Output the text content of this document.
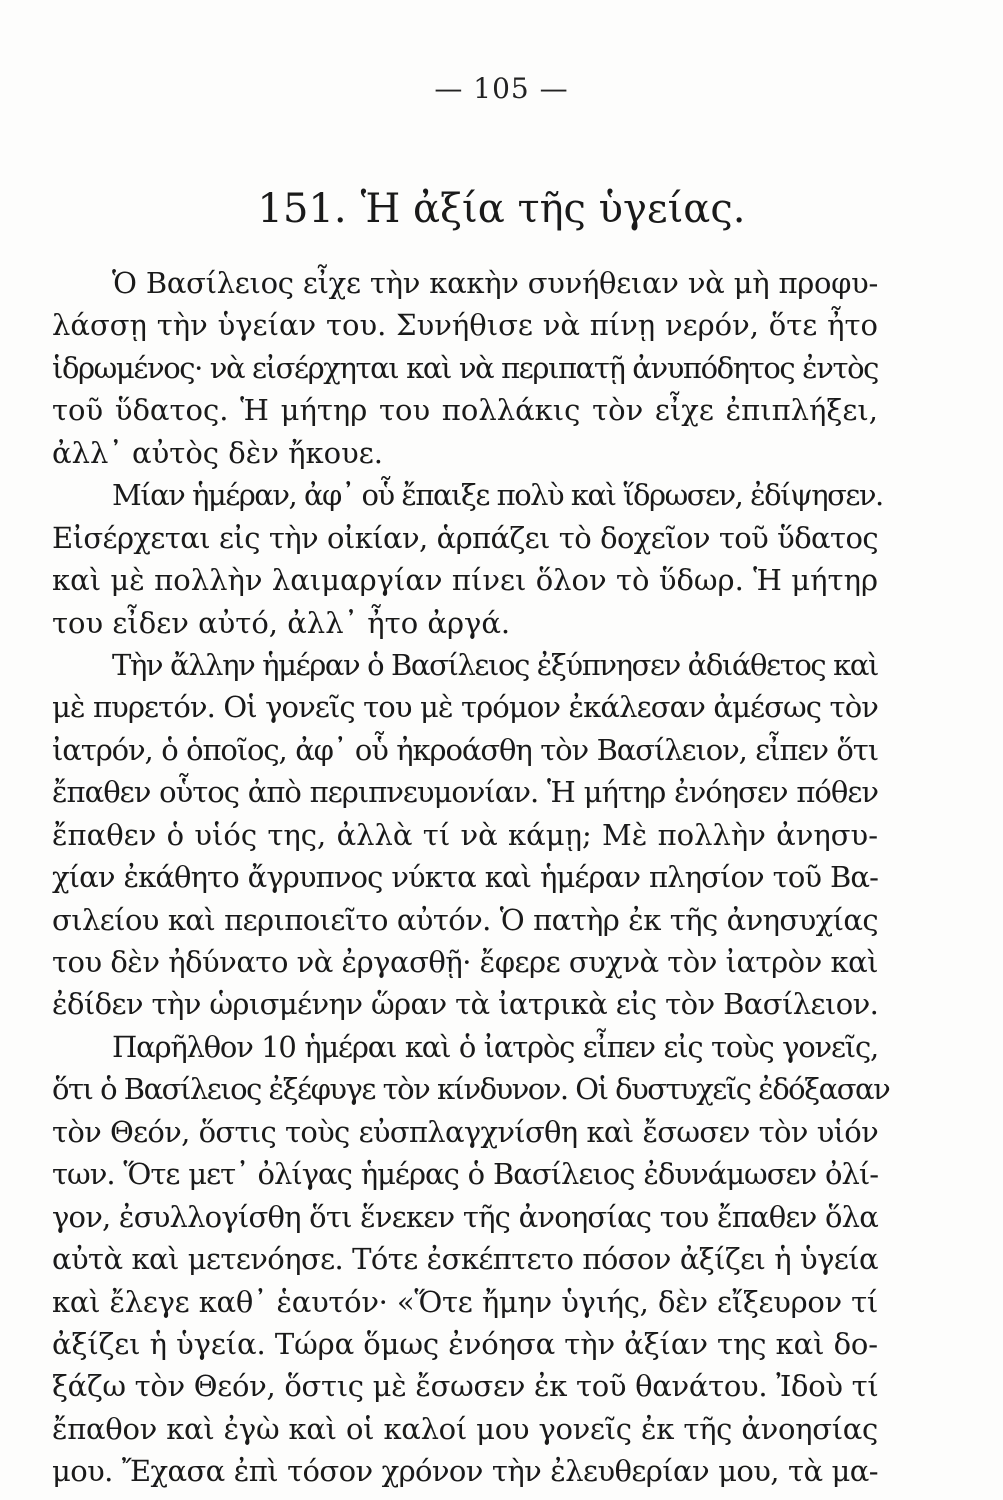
— 105 —
151. Ἡ ἀξία τῆς ὑγείας.
Ὁ Βασίλειος εἶχε τὴν κακὴν συνήθειαν νὰ μὴ προφυ-
λάσσῃ τὴν ὑγείαν του. Συνήθισε νὰ πίνῃ νερόν, ὅτε ἦτο
ἱδρωμένος· νὰ εἰσέρχηται καὶ νὰ περιπατῇ ἀνυπόδητος ἐντὸς
τοῦ ὕδατος. Ἡ μήτηρ του πολλάκις τὸν εἶχε ἐπιπλήξει,
ἀλλ᾽ αὐτὸς δὲν ἤκουε.
Μίαν ἡμέραν, ἀφ᾽ οὗ ἔπαιξε πολὺ καὶ ἵδρωσεν, ἐδίψησεν.
Εἰσέρχεται εἰς τὴν οἰκίαν, ἁρπάζει τὸ δοχεῖον τοῦ ὕδατος
καὶ μὲ πολλὴν λαιμαργίαν πίνει ὅλον τὸ ὕδωρ. Ἡ μήτηρ
του εἶδεν αὐτό, ἀλλ᾽ ἦτο ἀργά.
Τὴν ἄλλην ἡμέραν ὁ Βασίλειος ἐξύπνησεν ἀδιάθετος καὶ
μὲ πυρετόν. Οἱ γονεῖς του μὲ τρόμον ἐκάλεσαν ἀμέσως τὸν
ἰατρόν, ὁ ὁποῖος, ἀφ᾽ οὗ ἠκροάσθη τὸν Βασίλειον, εἶπεν ὅτι
ἔπαθεν οὗτος ἀπὸ περιπνευμονίαν. Ἡ μήτηρ ἐνόησεν πόθεν
ἔπαθεν ὁ υἱός της, ἀλλὰ τί νὰ κάμῃ; Μὲ πολλὴν ἀνησυ-
χίαν ἐκάθητο ἄγρυπνος νύκτα καὶ ἡμέραν πλησίον τοῦ Βα-
σιλείου καὶ περιποιεῖτο αὐτόν. Ὁ πατὴρ ἐκ τῆς ἀνησυχίας
του δὲν ἠδύνατο νὰ ἐργασθῇ· ἔφερε συχνὰ τὸν ἰατρὸν καὶ
ἐδίδεν τὴν ὡρισμένην ὥραν τὰ ἰατρικὰ εἰς τὸν Βασίλειον.
Παρῆλθον 10 ἡμέραι καὶ ὁ ἰατρὸς εἶπεν εἰς τοὺς γονεῖς,
ὅτι ὁ Βασίλειος ἐξέφυγε τὸν κίνδυνον. Οἱ δυστυχεῖς ἐδόξασαν
τὸν Θεόν, ὅστις τοὺς εὐσπλαγχνίσθη καὶ ἔσωσεν τὸν υἱόν
των. Ὅτε μετ᾽ ὀλίγας ἡμέρας ὁ Βασίλειος ἐδυνάμωσεν ὀλί-
γον, ἐσυλλογίσθη ὅτι ἕνεκεν τῆς ἀνοησίας του ἔπαθεν ὅλα
αὐτὰ καὶ μετενόησε. Τότε ἐσκέπτετο πόσον ἀξίζει ἡ ὑγεία
καὶ ἔλεγε καθ᾽ ἑαυτόν· «Ὅτε ἤμην ὑγιής, δὲν εἴξευρον τί
ἀξίζει ἡ ὑγεία. Τώρα ὅμως ἐνόησα τὴν ἀξίαν της καὶ δο-
ξάζω τὸν Θεόν, ὅστις μὲ ἔσωσεν ἐκ τοῦ θανάτου. Ἰδοὺ τί
ἔπαθον καὶ ἐγὼ καὶ οἱ καλοί μου γονεῖς ἐκ τῆς ἀνοησίας
μου. Ἔχασα ἐπὶ τόσον χρόνον τὴν ἐλευθερίαν μου, τὰ μα-
